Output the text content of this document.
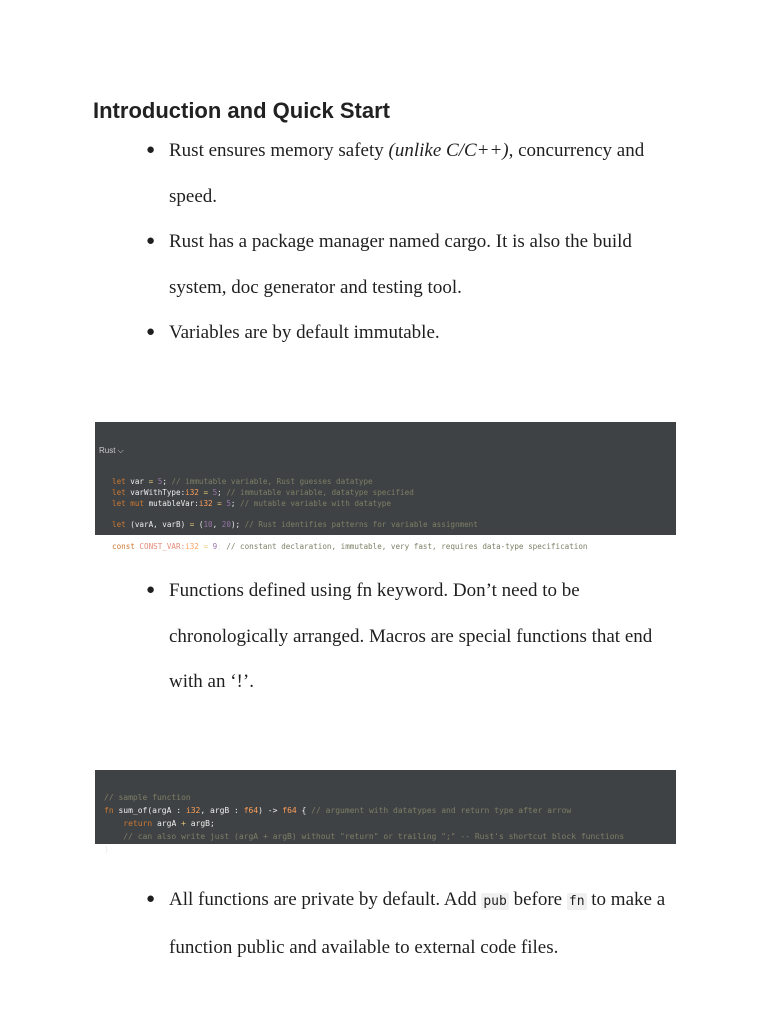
Introduction and Quick Start
● Rust ensures memory safety (unlike C/C++), concurrency and speed.
● Rust has a package manager named cargo. It is also the build system, doc generator and testing tool.
● Variables are by default immutable.

Rust ⌵

let var = 5; // immutable variable, Rust guesses datatype
let varWithType:i32 = 5; // immutable variable, datatype specified
let mut mutableVar:i32 = 5; // mutable variable with datatype

let (varA, varB) = (10, 20); // Rust identifies patterns for variable assignment

const CONST_VAR:i32 = 9; // constant declaration, immutable, very fast, requires data-type specification

● Functions defined using fn keyword. Don’t need to be chronologically arranged. Macros are special functions that end with an ‘!’.

// sample function
fn sum_of(argA : i32, argB : f64) -> f64 { // argument with datatypes and return type after arrow
return argA + argB;
// can also write just (argA + argB) without "return" or trailing ";" -- Rust's shortcut block functions
}

● All functions are private by default. Add pub before fn to make a function public and available to external code files.
